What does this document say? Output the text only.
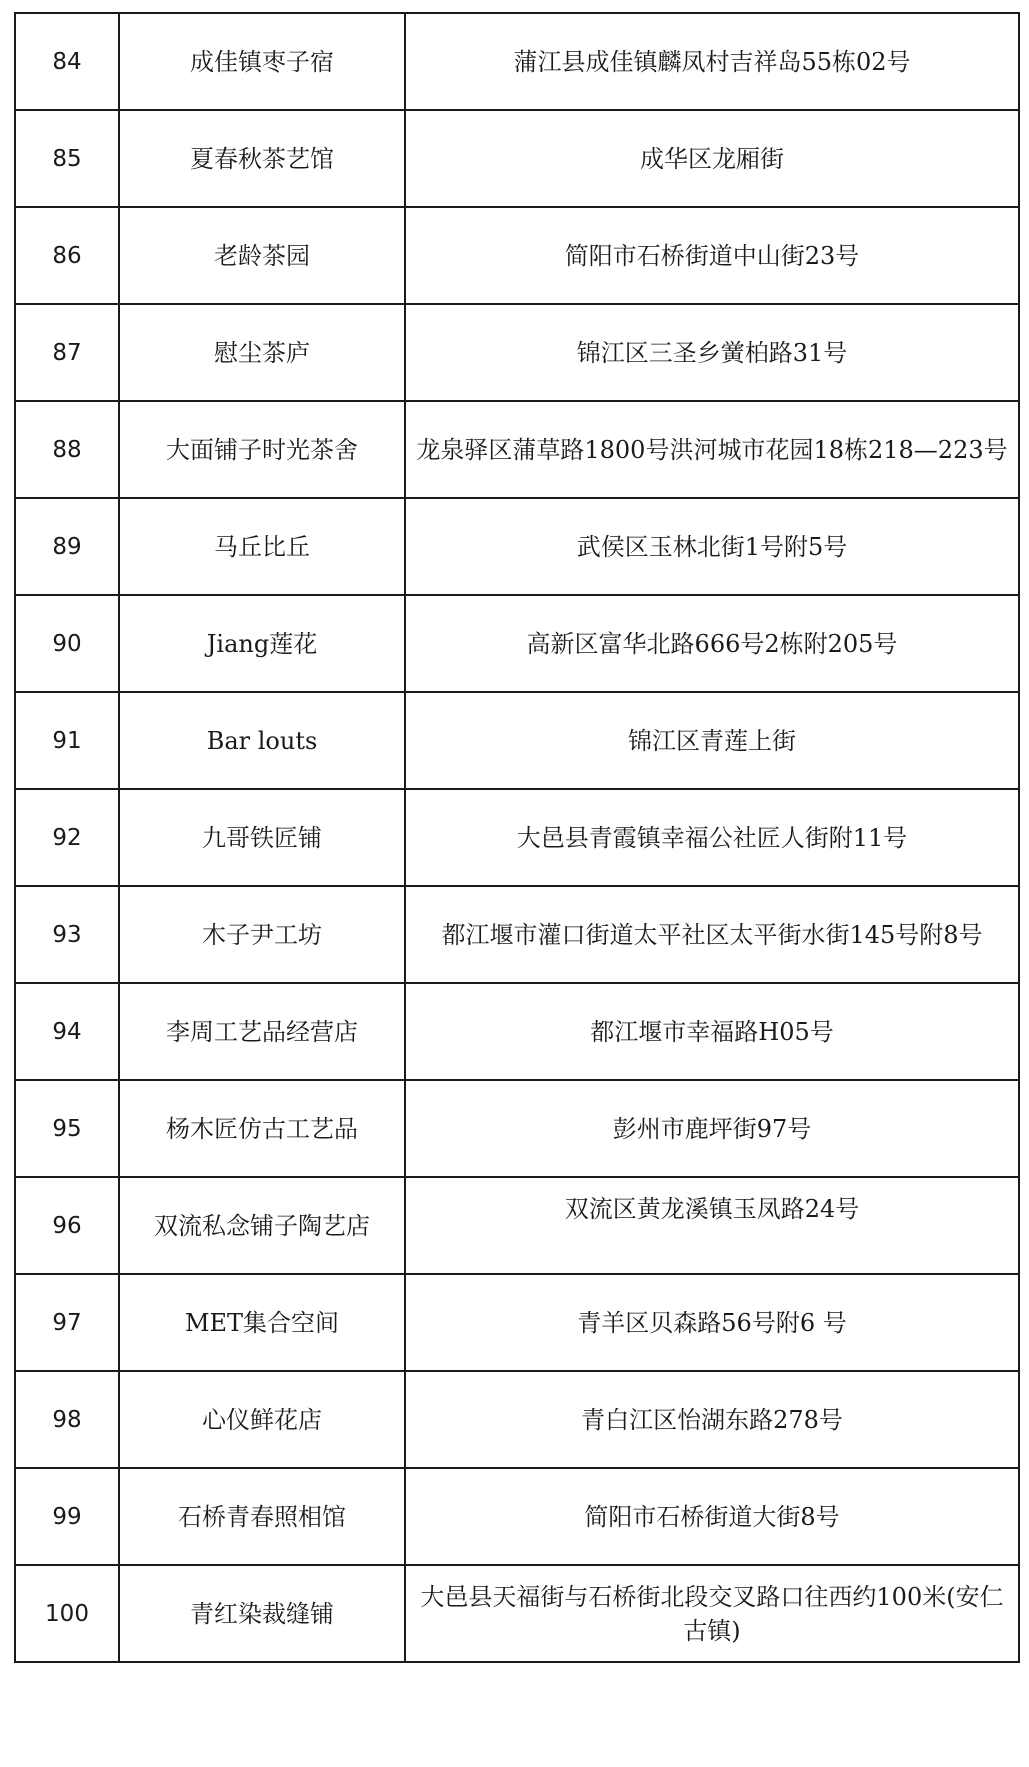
84	成佳镇枣子宿	蒲江县成佳镇麟凤村吉祥岛55栋02号
85	夏春秋茶艺馆	成华区龙厢街
86	老龄茶园	简阳市石桥街道中山街23号
87	慰尘茶庐	锦江区三圣乡黉柏路31号
88	大面铺子时光茶舍	龙泉驿区蒲草路1800号洪河城市花园18栋218—223号
89	马丘比丘	武侯区玉林北街1号附5号
90	Jiang莲花	高新区富华北路666号2栋附205号
91	Bar louts	锦江区青莲上街
92	九哥铁匠铺	大邑县青霞镇幸福公社匠人街附11号
93	木子尹工坊	都江堰市灌口街道太平社区太平街水街145号附8号
94	李周工艺品经营店	都江堰市幸福路H05号
95	杨木匠仿古工艺品	彭州市鹿坪街97号
96	双流私念铺子陶艺店	双流区黄龙溪镇玉凤路24号
97	MET集合空间	青羊区贝森路56号附6 号
98	心仪鲜花店	青白江区怡湖东路278号
99	石桥青春照相馆	简阳市石桥街道大街8号
100	青红染裁缝铺	大邑县天福街与石桥街北段交叉路口往西约100米(安仁古镇)
